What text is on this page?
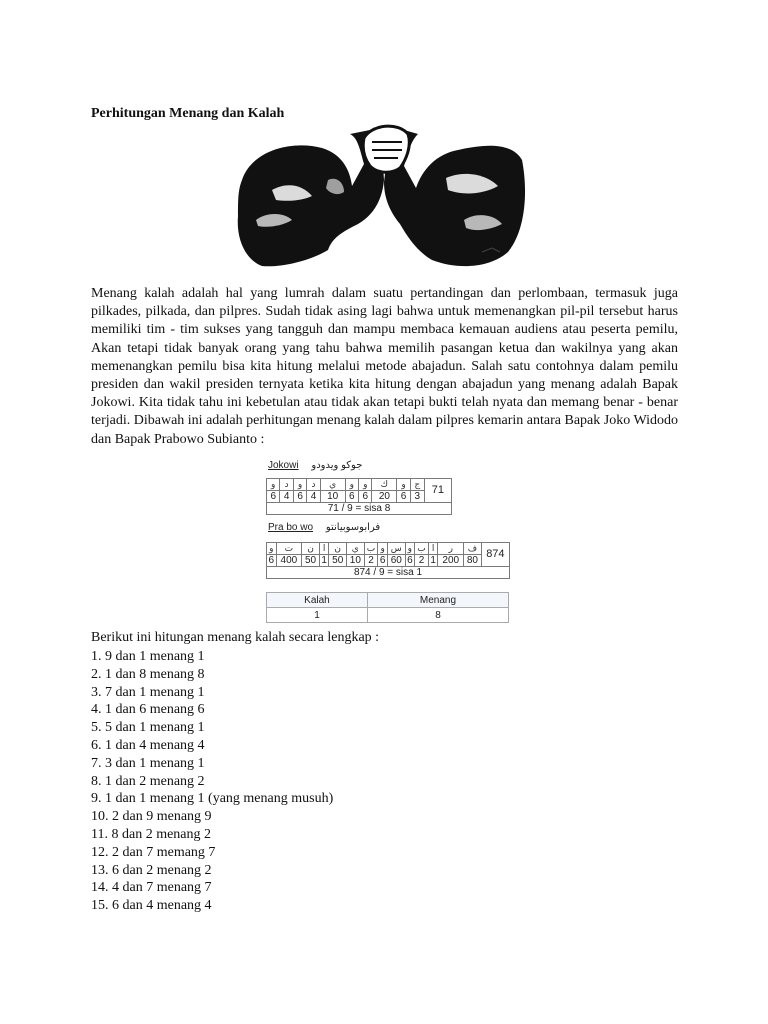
Perhitungan Menang dan Kalah
Menang kalah adalah hal yang lumrah dalam suatu pertandingan dan perlombaan, termasuk juga pilkades, pilkada, dan pilpres. Sudah tidak asing lagi bahwa untuk memenangkan pil-pil tersebut harus memiliki tim - tim sukses yang tangguh dan mampu membaca kemauan audiens atau peserta pemilu, Akan tetapi tidak banyak orang yang tahu bahwa memilih pasangan ketua dan wakilnya yang akan memenangkan pemilu bisa kita hitung melalui metode abajadun. Salah satu contohnya dalam pemilu presiden dan wakil presiden ternyata ketika kita hitung dengan abajadun yang menang adalah Bapak Jokowi. Kita tidak tahu ini kebetulan atau tidak akan tetapi bukti telah nyata dan memang benar - benar terjadi. Dibawah ini adalah perhitungan menang kalah dalam pilpres kemarin antara Bapak Joko Widodo dan Bapak Prabowo Subianto :
Jokowi جوكو ويدودو
و	د	و	د	ي	و	و	ك	و	ج	71
6	4	6	4	10	6	6	20	6	3	
71 / 9 = sisa 8										
Pra bo wo فرابوسوبيانتو
و	ت	ن	ا	ن	ي	ب	و	س	و	ب	ا	ر	ف	874
6	400	50	1	50	10	2	6	60	6	2	1	200	80	
874 / 9 = sisa 1														
Kalah	Menang
1	8
Berikut ini hitungan menang kalah secara lengkap :
1. 9 dan 1 menang 1
2. 1 dan 8 menang 8
3. 7 dan 1 menang 1
4. 1 dan 6 menang 6
5. 5 dan 1 menang 1
6. 1 dan 4 menang 4
7. 3 dan 1 menang 1
8. 1 dan 2 menang 2
9. 1 dan 1 menang 1 (yang menang musuh)
10. 2 dan 9 menang 9
11. 8 dan 2 menang 2
12. 2 dan 7 memang 7
13. 6 dan 2 menang 2
14. 4 dan 7 menang 7
15. 6 dan 4 menang 4
